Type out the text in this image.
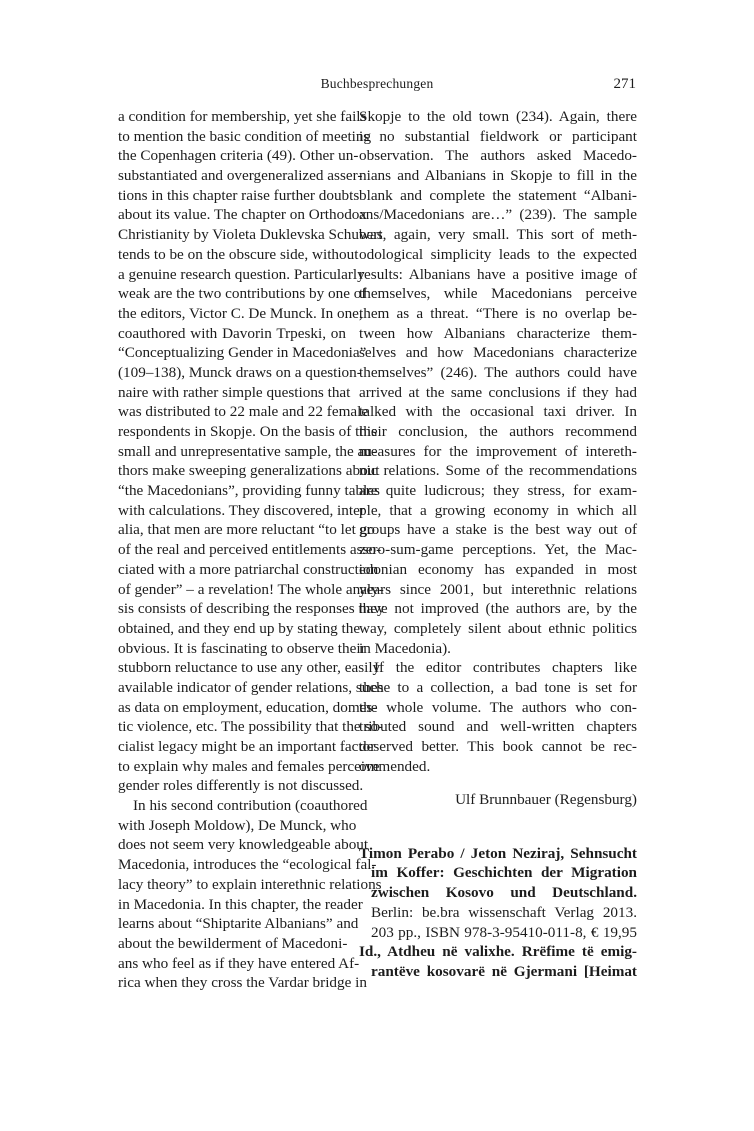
Buchbesprechungen	271
a condition for membership, yet she fails
to mention the basic condition of meeting
the Copenhagen criteria (49). Other un-
substantiated and overgeneralized asser-
tions in this chapter raise further doubts
about its value. The chapter on Orthodox
Christianity by Violeta Duklevska Schubert
tends to be on the obscure side, without
a genuine research question. Particularly
weak are the two contributions by one of
the editors, Victor C. De Munck. In one,
coauthored with Davorin Trpeski, on
“Conceptualizing Gender in Macedonia”
(109–138), Munck draws on a question-
naire with rather simple questions that
was distributed to 22 male and 22 female
respondents in Skopje. On the basis of this
small and unrepresentative sample, the au-
thors make sweeping generalizations about
“the Macedonians”, providing funny tables
with calculations. They discovered, inter
alia, that men are more reluctant “to let go
of the real and perceived entitlements asso-
ciated with a more patriarchal construction
of gender” – a revelation! The whole analy-
sis consists of describing the responses they
obtained, and they end up by stating the
obvious. It is fascinating to observe their
stubborn reluctance to use any other, easily
available indicator of gender relations, such
as data on employment, education, domes-
tic violence, etc. The possibility that the so-
cialist legacy might be an important factor
to explain why males and females perceive
gender roles differently is not discussed.
In his second contribution (coauthored
with Joseph Moldow), De Munck, who
does not seem very knowledgeable about
Macedonia, introduces the “ecological fal-
lacy theory” to explain interethnic relations
in Macedonia. In this chapter, the reader
learns about “Shiptarite Albanians” and
about the bewilderment of Macedoni-
ans who feel as if they have entered Af-
rica when they cross the Vardar bridge in
Skopje to the old town (234). Again, there
is no substantial fieldwork or participant
observation. The authors asked Macedo-
nians and Albanians in Skopje to fill in the
blank and complete the statement “Albani-
ans/Macedonians are…” (239). The sample
was, again, very small. This sort of meth-
odological simplicity leads to the expected
results: Albanians have a positive image of
themselves, while Macedonians perceive
them as a threat. “There is no overlap be-
tween how Albanians characterize them-
selves and how Macedonians characterize
themselves” (246). The authors could have
arrived at the same conclusions if they had
talked with the occasional taxi driver. In
their conclusion, the authors recommend
measures for the improvement of intereth-
nic relations. Some of the recommendations
are quite ludicrous; they stress, for exam-
ple, that a growing economy in which all
groups have a stake is the best way out of
zero-sum-game perceptions. Yet, the Mac-
edonian economy has expanded in most
years since 2001, but interethnic relations
have not improved (the authors are, by the
way, completely silent about ethnic politics
in Macedonia).
If the editor contributes chapters like
these to a collection, a bad tone is set for
the whole volume. The authors who con-
tributed sound and well-written chapters
deserved better. This book cannot be rec-
ommended.
Ulf Brunnbauer (Regensburg)
Timon Perabo / Jeton Neziraj, Sehnsucht
im Koffer: Geschichten der Migration
zwischen Kosovo und Deutschland.
Berlin: be.bra wissenschaft Verlag 2013.
203 pp., ISBN 978-3-95410-011-8, € 19,95
Id., Atdheu në valixhe. Rrëfime të emig-
rantëve kosovarë në Gjermani [Heimat
